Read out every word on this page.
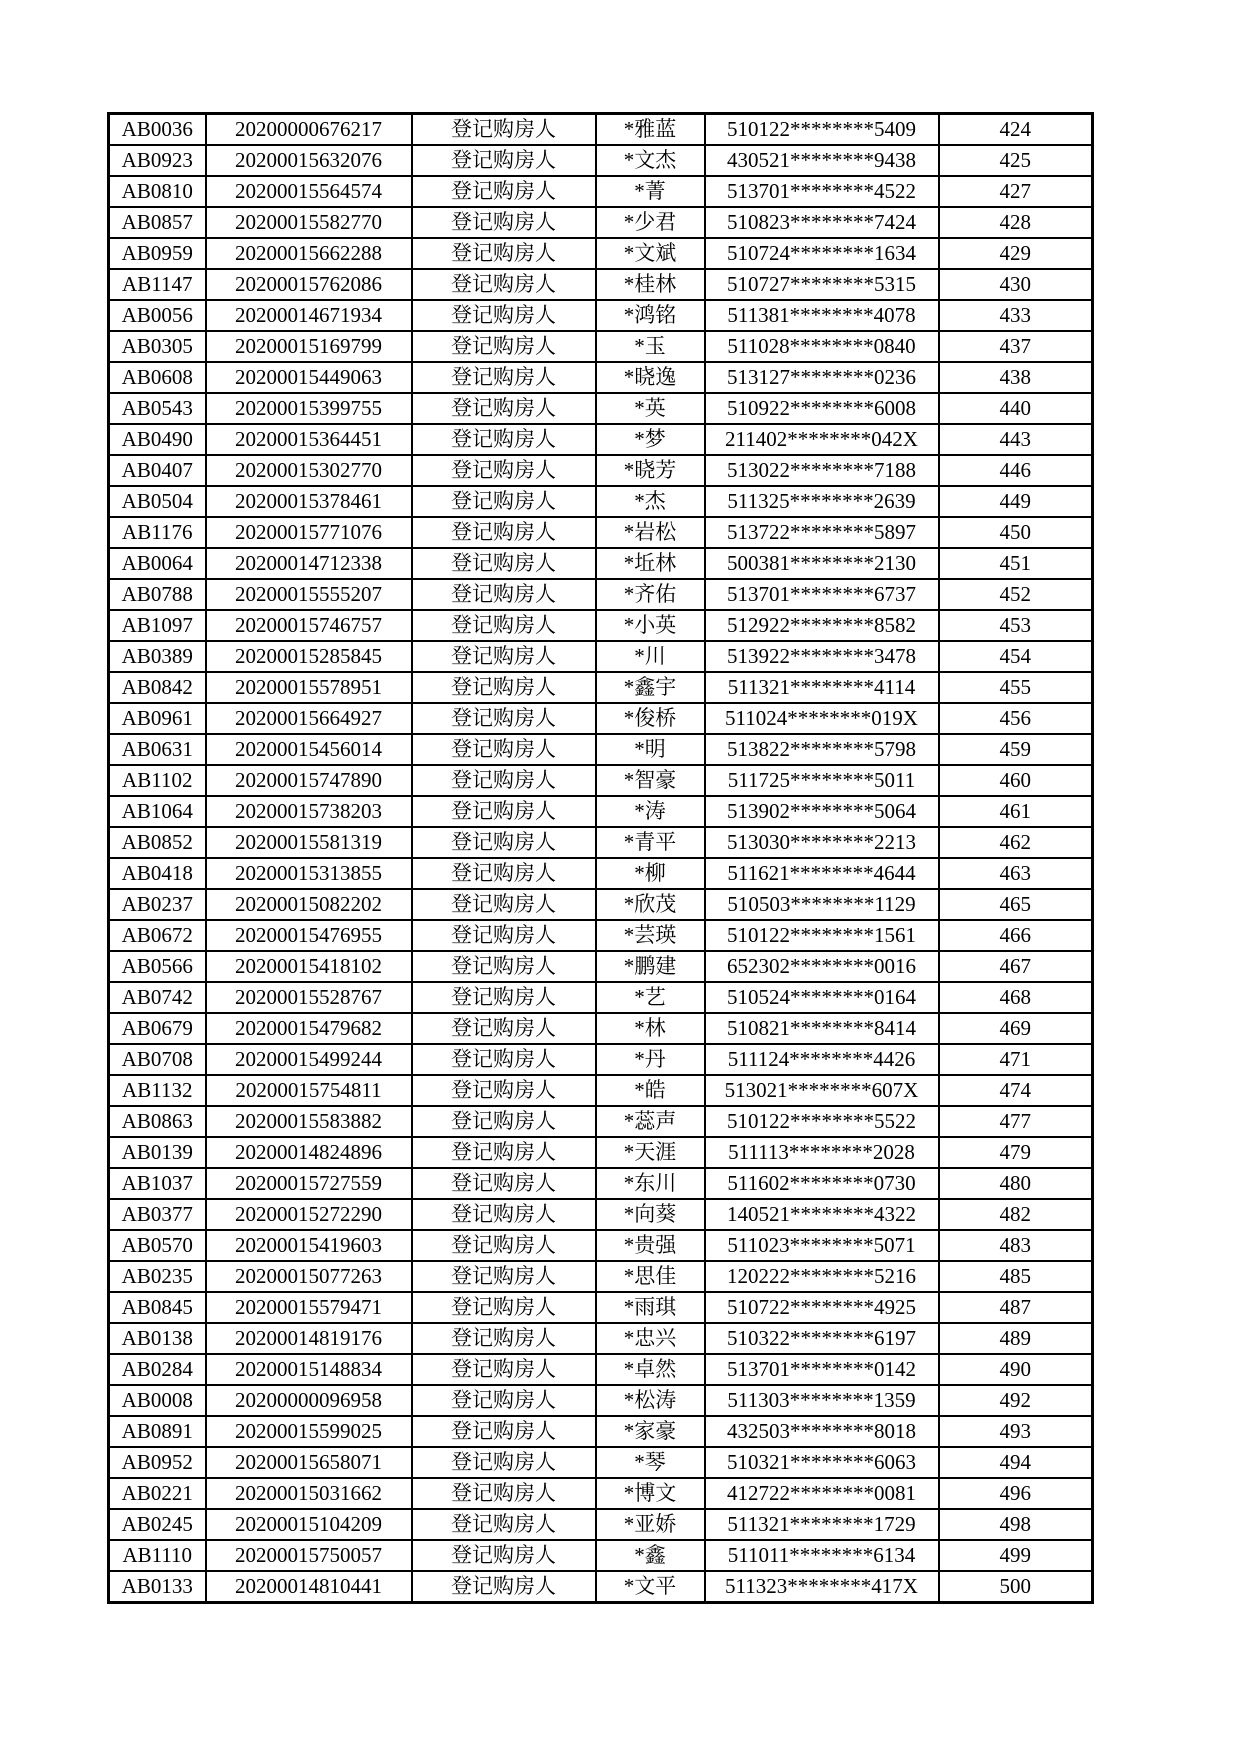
AB0036	20200000676217	登记购房人	*雅蓝	510122********5409	424
AB0923	20200015632076	登记购房人	*文杰	430521********9438	425
AB0810	20200015564574	登记购房人	*菁	513701********4522	427
AB0857	20200015582770	登记购房人	*少君	510823********7424	428
AB0959	20200015662288	登记购房人	*文斌	510724********1634	429
AB1147	20200015762086	登记购房人	*桂林	510727********5315	430
AB0056	20200014671934	登记购房人	*鸿铭	511381********4078	433
AB0305	20200015169799	登记购房人	*玉	511028********0840	437
AB0608	20200015449063	登记购房人	*晓逸	513127********0236	438
AB0543	20200015399755	登记购房人	*英	510922********6008	440
AB0490	20200015364451	登记购房人	*梦	211402********042X	443
AB0407	20200015302770	登记购房人	*晓芳	513022********7188	446
AB0504	20200015378461	登记购房人	*杰	511325********2639	449
AB1176	20200015771076	登记购房人	*岩松	513722********5897	450
AB0064	20200014712338	登记购房人	*坵林	500381********2130	451
AB0788	20200015555207	登记购房人	*齐佑	513701********6737	452
AB1097	20200015746757	登记购房人	*小英	512922********8582	453
AB0389	20200015285845	登记购房人	*川	513922********3478	454
AB0842	20200015578951	登记购房人	*鑫宇	511321********4114	455
AB0961	20200015664927	登记购房人	*俊桥	511024********019X	456
AB0631	20200015456014	登记购房人	*明	513822********5798	459
AB1102	20200015747890	登记购房人	*智豪	511725********5011	460
AB1064	20200015738203	登记购房人	*涛	513902********5064	461
AB0852	20200015581319	登记购房人	*青平	513030********2213	462
AB0418	20200015313855	登记购房人	*柳	511621********4644	463
AB0237	20200015082202	登记购房人	*欣茂	510503********1129	465
AB0672	20200015476955	登记购房人	*芸瑛	510122********1561	466
AB0566	20200015418102	登记购房人	*鹏建	652302********0016	467
AB0742	20200015528767	登记购房人	*艺	510524********0164	468
AB0679	20200015479682	登记购房人	*林	510821********8414	469
AB0708	20200015499244	登记购房人	*丹	511124********4426	471
AB1132	20200015754811	登记购房人	*皓	513021********607X	474
AB0863	20200015583882	登记购房人	*蕊声	510122********5522	477
AB0139	20200014824896	登记购房人	*天涯	511113********2028	479
AB1037	20200015727559	登记购房人	*东川	511602********0730	480
AB0377	20200015272290	登记购房人	*向葵	140521********4322	482
AB0570	20200015419603	登记购房人	*贵强	511023********5071	483
AB0235	20200015077263	登记购房人	*思佳	120222********5216	485
AB0845	20200015579471	登记购房人	*雨琪	510722********4925	487
AB0138	20200014819176	登记购房人	*忠兴	510322********6197	489
AB0284	20200015148834	登记购房人	*卓然	513701********0142	490
AB0008	20200000096958	登记购房人	*松涛	511303********1359	492
AB0891	20200015599025	登记购房人	*家豪	432503********8018	493
AB0952	20200015658071	登记购房人	*琴	510321********6063	494
AB0221	20200015031662	登记购房人	*博文	412722********0081	496
AB0245	20200015104209	登记购房人	*亚娇	511321********1729	498
AB1110	20200015750057	登记购房人	*鑫	511011********6134	499
AB0133	20200014810441	登记购房人	*文平	511323********417X	500
